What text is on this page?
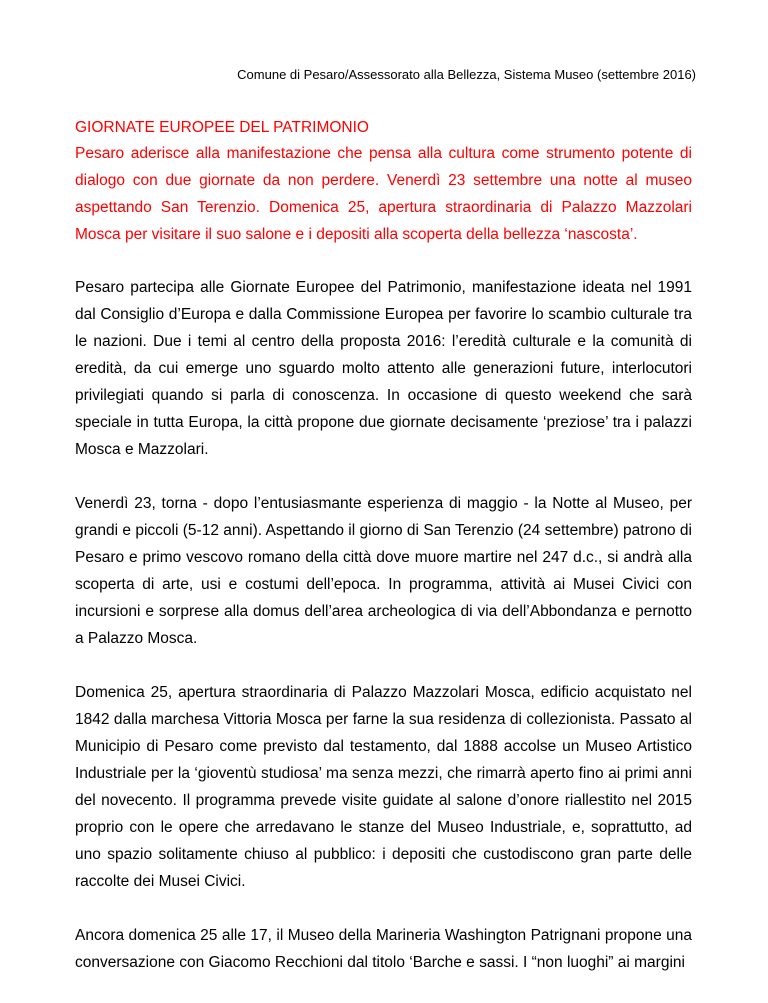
Comune di Pesaro/Assessorato alla Bellezza, Sistema Museo (settembre 2016)
GIORNATE EUROPEE DEL PATRIMONIO

Pesaro aderisce alla manifestazione che pensa alla cultura come strumento potente di dialogo con due giornate da non perdere. Venerdì 23 settembre una notte al museo aspettando San Terenzio. Domenica 25, apertura straordinaria di Palazzo Mazzolari Mosca per visitare il suo salone e i depositi alla scoperta della bellezza ‘nascosta’.

Pesaro partecipa alle Giornate Europee del Patrimonio, manifestazione ideata nel 1991 dal Consiglio d’Europa e dalla Commissione Europea per favorire lo scambio culturale tra le nazioni. Due i temi al centro della proposta 2016: l’eredità culturale e la comunità di eredità, da cui emerge uno sguardo molto attento alle generazioni future, interlocutori privilegiati quando si parla di conoscenza. In occasione di questo weekend che sarà speciale in tutta Europa, la città propone due giornate decisamente ‘preziose’ tra i palazzi Mosca e Mazzolari.

Venerdì 23, torna - dopo l’entusiasmante esperienza di maggio - la Notte al Museo, per grandi e piccoli (5-12 anni). Aspettando il giorno di San Terenzio (24 settembre) patrono di Pesaro e primo vescovo romano della città dove muore martire nel 247 d.c., si andrà alla scoperta di arte, usi e costumi dell’epoca. In programma, attività ai Musei Civici con incursioni e sorprese alla domus dell’area archeologica di via dell’Abbondanza e pernotto a Palazzo Mosca.

Domenica 25, apertura straordinaria di Palazzo Mazzolari Mosca, edificio acquistato nel 1842 dalla marchesa Vittoria Mosca per farne la sua residenza di collezionista. Passato al Municipio di Pesaro come previsto dal testamento, dal 1888 accolse un Museo Artistico Industriale per la ‘gioventù studiosa’ ma senza mezzi, che rimarrà aperto fino ai primi anni del novecento. Il programma prevede visite guidate al salone d’onore riallestito nel 2015 proprio con le opere che arredavano le stanze del Museo Industriale, e, soprattutto, ad uno spazio solitamente chiuso al pubblico: i depositi che custodiscono gran parte delle raccolte dei Musei Civici.

Ancora domenica 25 alle 17, il Museo della Marineria Washington Patrignani propone una conversazione con Giacomo Recchioni dal titolo ‘Barche e sassi. I “non luoghi” ai margini
